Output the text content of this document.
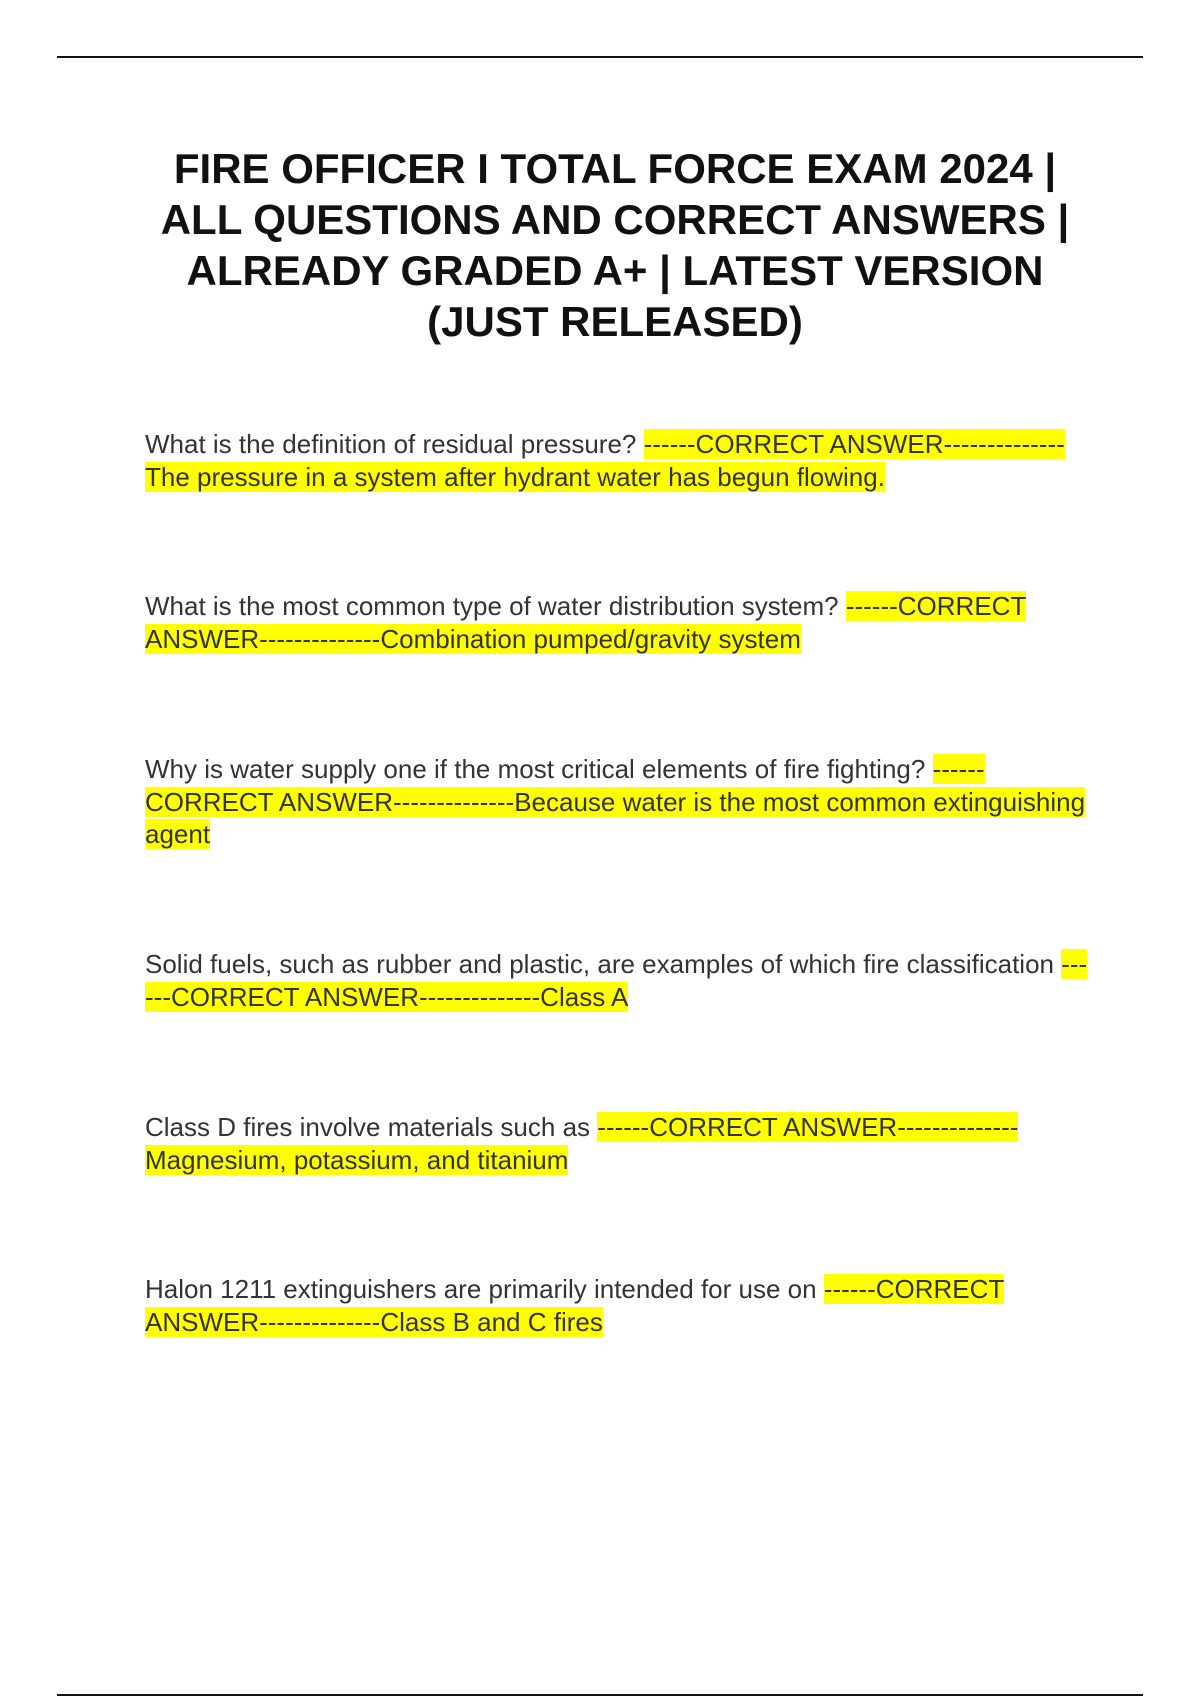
FIRE OFFICER I TOTAL FORCE EXAM 2024 | ALL QUESTIONS AND CORRECT ANSWERS | ALREADY GRADED A+ | LATEST VERSION (JUST RELEASED)

What is the definition of residual pressure? ------CORRECT ANSWER--------------The pressure in a system after hydrant water has begun flowing.

What is the most common type of water distribution system? ------CORRECT ANSWER--------------Combination pumped/gravity system

Why is water supply one if the most critical elements of fire fighting? ------CORRECT ANSWER--------------Because water is the most common extinguishing agent

Solid fuels, such as rubber and plastic, are examples of which fire classification ------CORRECT ANSWER--------------Class A

Class D fires involve materials such as ------CORRECT ANSWER--------------Magnesium, potassium, and titanium

Halon 1211 extinguishers are primarily intended for use on ------CORRECT ANSWER--------------Class B and C fires
